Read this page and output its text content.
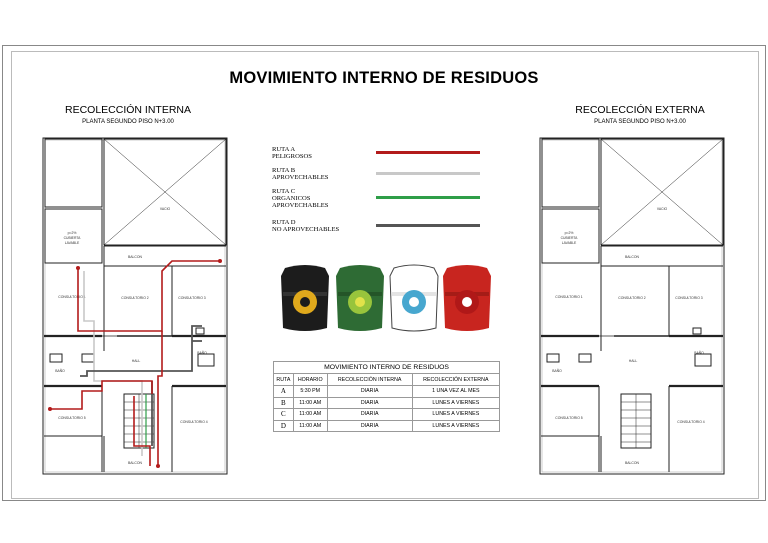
MOVIMIENTO INTERNO DE RESIDUOS
RECOLECCIÓN INTERNA
PLANTA SEGUNDO PISO N+3.00
VACIO
p=2%
CUBIERTA
LAVABLE
BALCON
CONSULTORIO 1	CONSULTORIO 2	CONSULTORIO 3
BAÑO
BAÑO
HALL
CONSULTORIO 5
CONSULTORIO 4
BALCON
RECOLECCIÓN EXTERNA
PLANTA SEGUNDO PISO N+3.00
VACIO
p=2%
CUBIERTA
LAVABLE
BALCON
CONSULTORIO 1	CONSULTORIO 2	CONSULTORIO 3
BAÑO
BAÑO
HALL
CONSULTORIO 5
CONSULTORIO 4
BALCON
RUTA A
PELIGROSOS
RUTA B
APROVECHABLES
RUTA C
ORGANICOS
APROVECHABLES
RUTA D
NO APROVECHABLES
MOVIMIENTO INTERNO DE RESIDUOS			
RUTA	HORARIO	RECOLECCIÓN INTERNA	RECOLECCIÓN EXTERNA
A	5:30 PM	DIARIA	1 UNA VEZ AL MES
B	11:00 AM	DIARIA	LUNES A VIERNES
C	11:00 AM	DIARIA	LUNES A VIERNES
D	11:00 AM	DIARIA	LUNES A VIERNES
